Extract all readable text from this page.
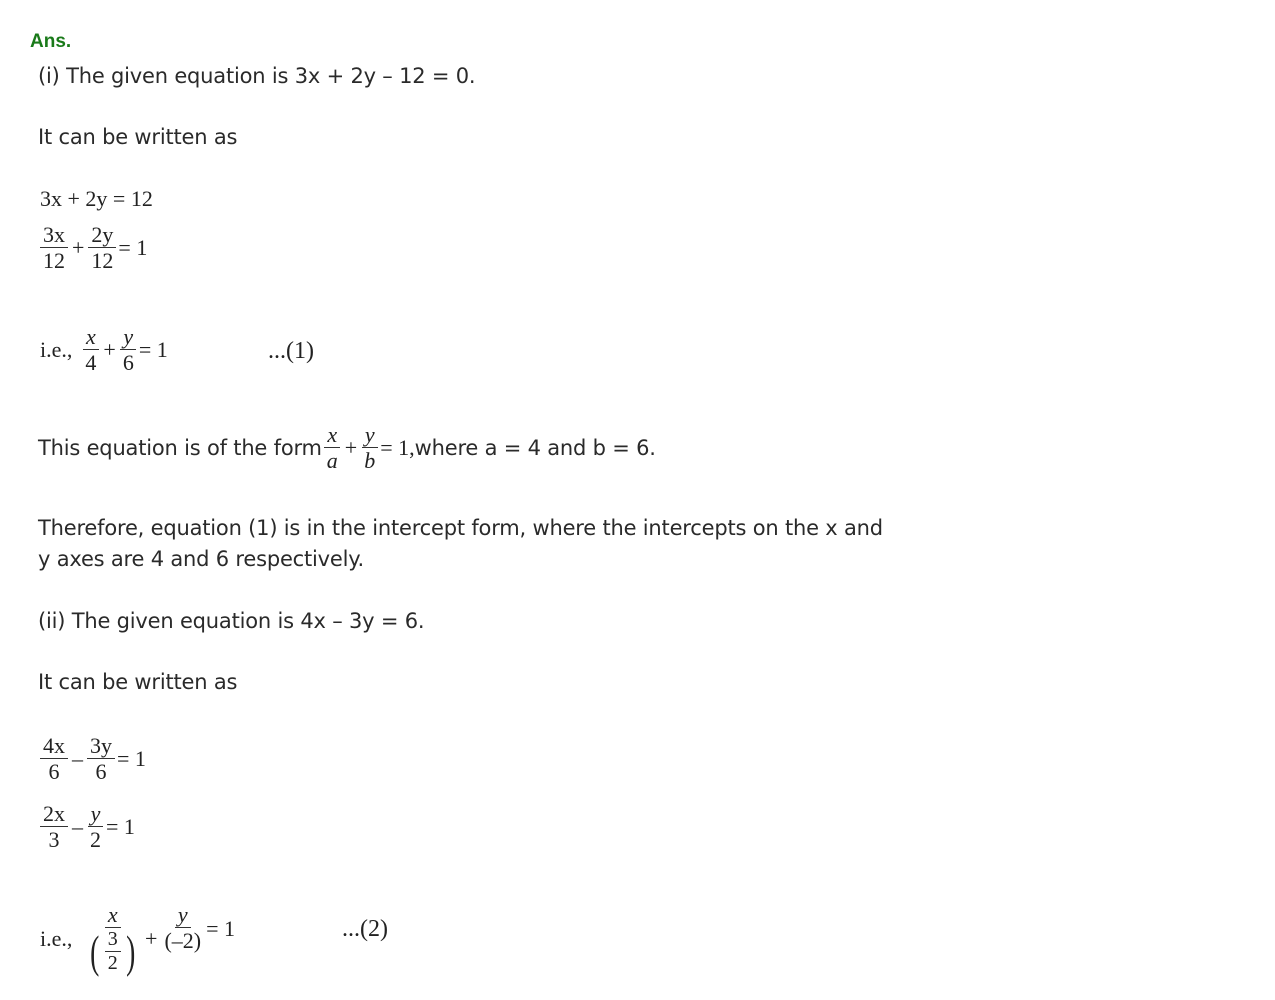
Ans.
(i) The given equation is 3x + 2y – 12 = 0.
It can be written as
3x + 2y = 12
$\frac{3x}{12} + \frac{2y}{12} = 1$
i.e., $\frac{x}{4} + \frac{y}{6} = 1$	...(1)
This equation is of the form $\frac{x}{a} + \frac{y}{b} = 1$, where a = 4 and b = 6.
Therefore, equation (1) is in the intercept form, where the intercepts on the x and
y axes are 4 and 6 respectively.
(ii) The given equation is 4x – 3y = 6.
It can be written as
$\frac{4x}{6} - \frac{3y}{6} = 1$
$\frac{2x}{3} - \frac{y}{2} = 1$
i.e., $\frac{x}{( \frac{3}{2} )} + \frac{y}{(-2)} = 1$	...(2)
